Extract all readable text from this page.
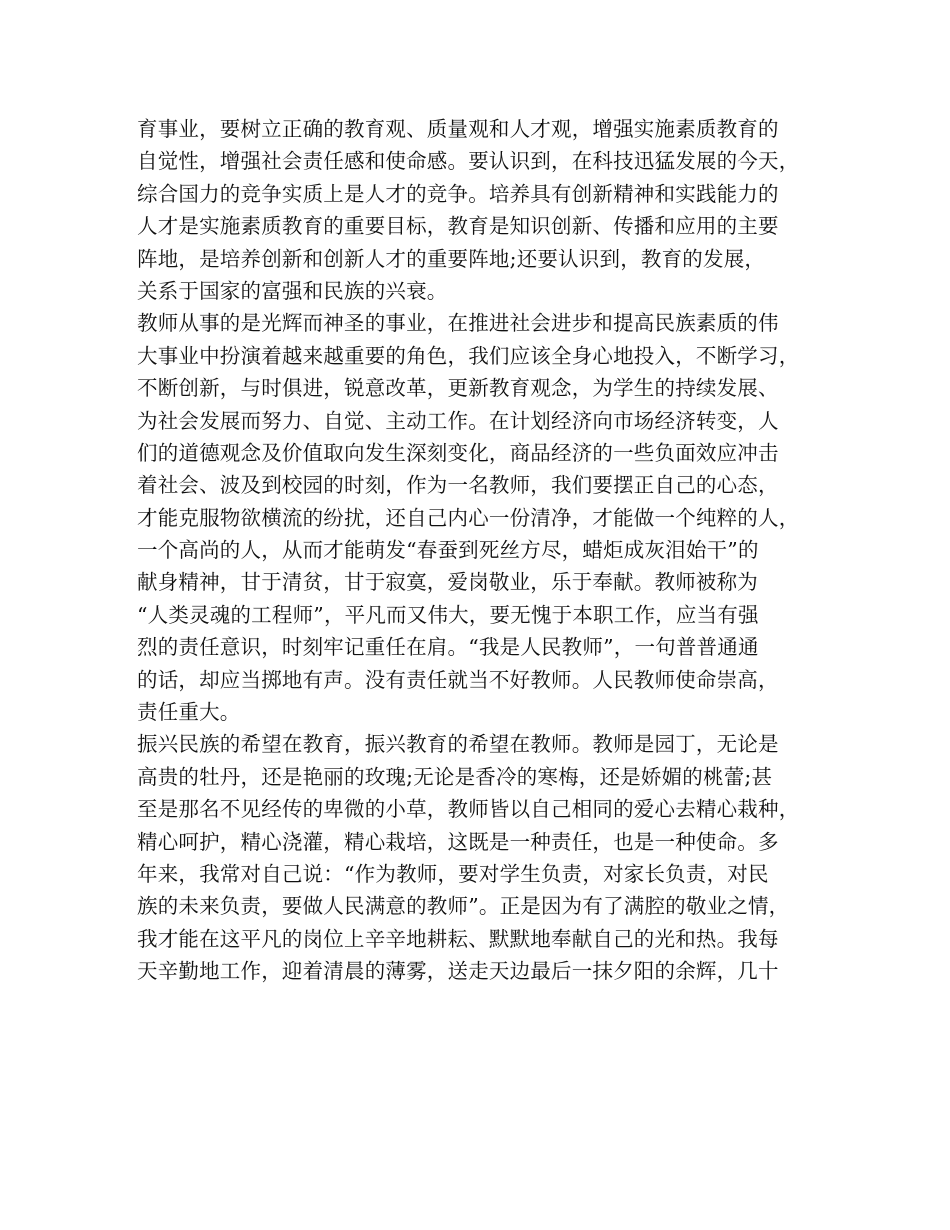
育事业，要树立正确的教育观、质量观和人才观，增强实施素质教育的
自觉性，增强社会责任感和使命感。要认识到，在科技迅猛发展的今天，
综合国力的竞争实质上是人才的竞争。培养具有创新精神和实践能力的
人才是实施素质教育的重要目标，教育是知识创新、传播和应用的主要
阵地，是培养创新和创新人才的重要阵地;还要认识到，教育的发展，
关系于国家的富强和民族的兴衰。
教师从事的是光辉而神圣的事业，在推进社会进步和提高民族素质的伟
大事业中扮演着越来越重要的角色，我们应该全身心地投入，不断学习，
不断创新，与时俱进，锐意改革，更新教育观念，为学生的持续发展、
为社会发展而努力、自觉、主动工作。在计划经济向市场经济转变，人
们的道德观念及价值取向发生深刻变化，商品经济的一些负面效应冲击
着社会、波及到校园的时刻，作为一名教师，我们要摆正自己的心态，
才能克服物欲横流的纷扰，还自己内心一份清净，才能做一个纯粹的人，
一个高尚的人，从而才能萌发“春蚕到死丝方尽，蜡炬成灰泪始干”的
献身精神，甘于清贫，甘于寂寞，爱岗敬业，乐于奉献。教师被称为
“人类灵魂的工程师”，平凡而又伟大，要无愧于本职工作，应当有强
烈的责任意识，时刻牢记重任在肩。“我是人民教师”，一句普普通通
的话，却应当掷地有声。没有责任就当不好教师。人民教师使命崇高，
责任重大。
振兴民族的希望在教育，振兴教育的希望在教师。教师是园丁，无论是
高贵的牡丹，还是艳丽的玫瑰;无论是香冷的寒梅，还是娇媚的桃蕾;甚
至是那名不见经传的卑微的小草，教师皆以自己相同的爱心去精心栽种，
精心呵护，精心浇灌，精心栽培，这既是一种责任，也是一种使命。多
年来，我常对自己说：“作为教师，要对学生负责，对家长负责，对民
族的未来负责，要做人民满意的教师”。正是因为有了满腔的敬业之情，
我才能在这平凡的岗位上辛辛地耕耘、默默地奉献自己的光和热。我每
天辛勤地工作，迎着清晨的薄雾，送走天边最后一抹夕阳的余辉，几十
